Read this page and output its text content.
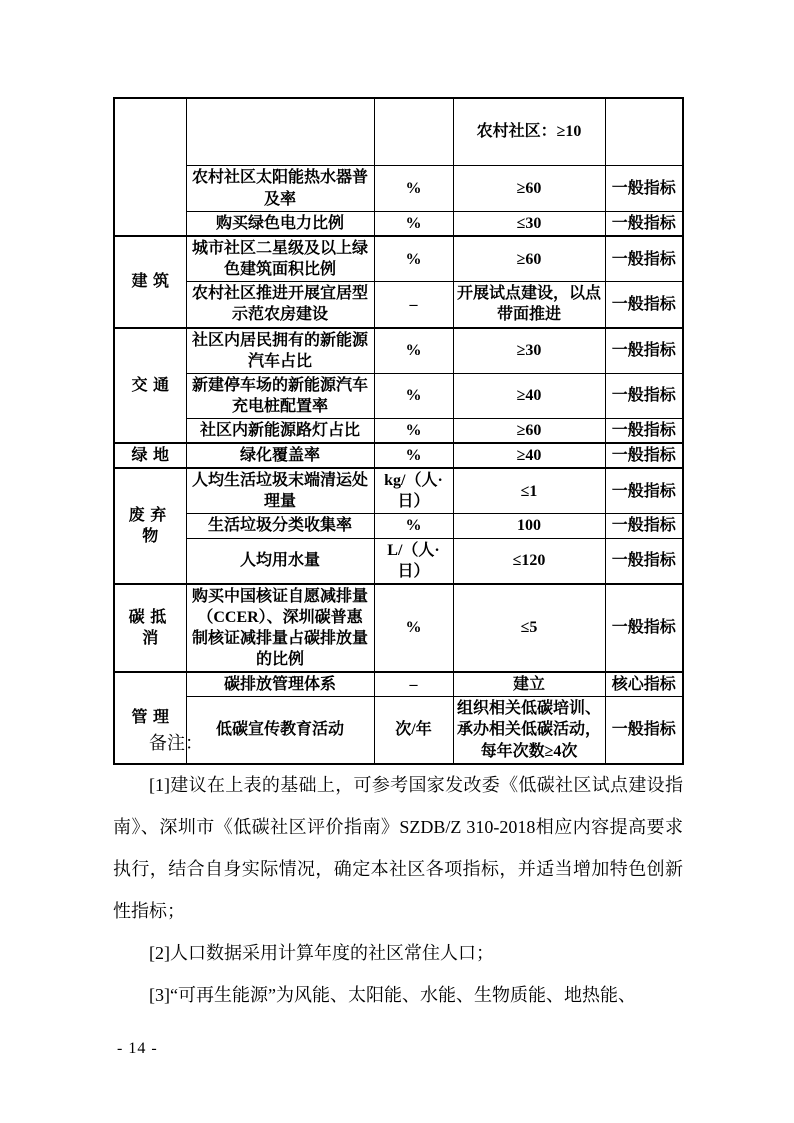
			农村社区：≥10	
	农村社区太阳能热水器普及率	%	≥60	一般指标
	购买绿色电力比例	%	≤30	一般指标
建筑	城市社区二星级及以上绿色建筑面积比例	%	≥60	一般指标
	农村社区推进开展宜居型示范农房建设	–	开展试点建设，以点带面推进	一般指标
交通	社区内居民拥有的新能源汽车占比	%	≥30	一般指标
	新建停车场的新能源汽车充电桩配置率	%	≥40	一般指标
	社区内新能源路灯占比	%	≥60	一般指标
绿地	绿化覆盖率	%	≥40	一般指标
废弃物	人均生活垃圾末端清运处理量	kg/（人·日）	≤1	一般指标
	生活垃圾分类收集率	%	100	一般指标
	人均用水量	L/（人·日）	≤120	一般指标
碳抵消	购买中国核证自愿减排量（CCER）、深圳碳普惠制核证减排量占碳排放量的比例	%	≤5	一般指标
管理	碳排放管理体系	–	建立	核心指标
	低碳宣传教育活动	次/年	组织相关低碳培训、承办相关低碳活动，每年次数≥4次	一般指标

备注：

[1]建议在上表的基础上，可参考国家发改委《低碳社区试点建设指南》、深圳市《低碳社区评价指南》SZDB/Z 310-2018相应内容提高要求执行，结合自身实际情况，确定本社区各项指标，并适当增加特色创新性指标；

[2]人口数据采用计算年度的社区常住人口；

[3]“可再生能源”为风能、太阳能、水能、生物质能、地热能、

- 14 -
